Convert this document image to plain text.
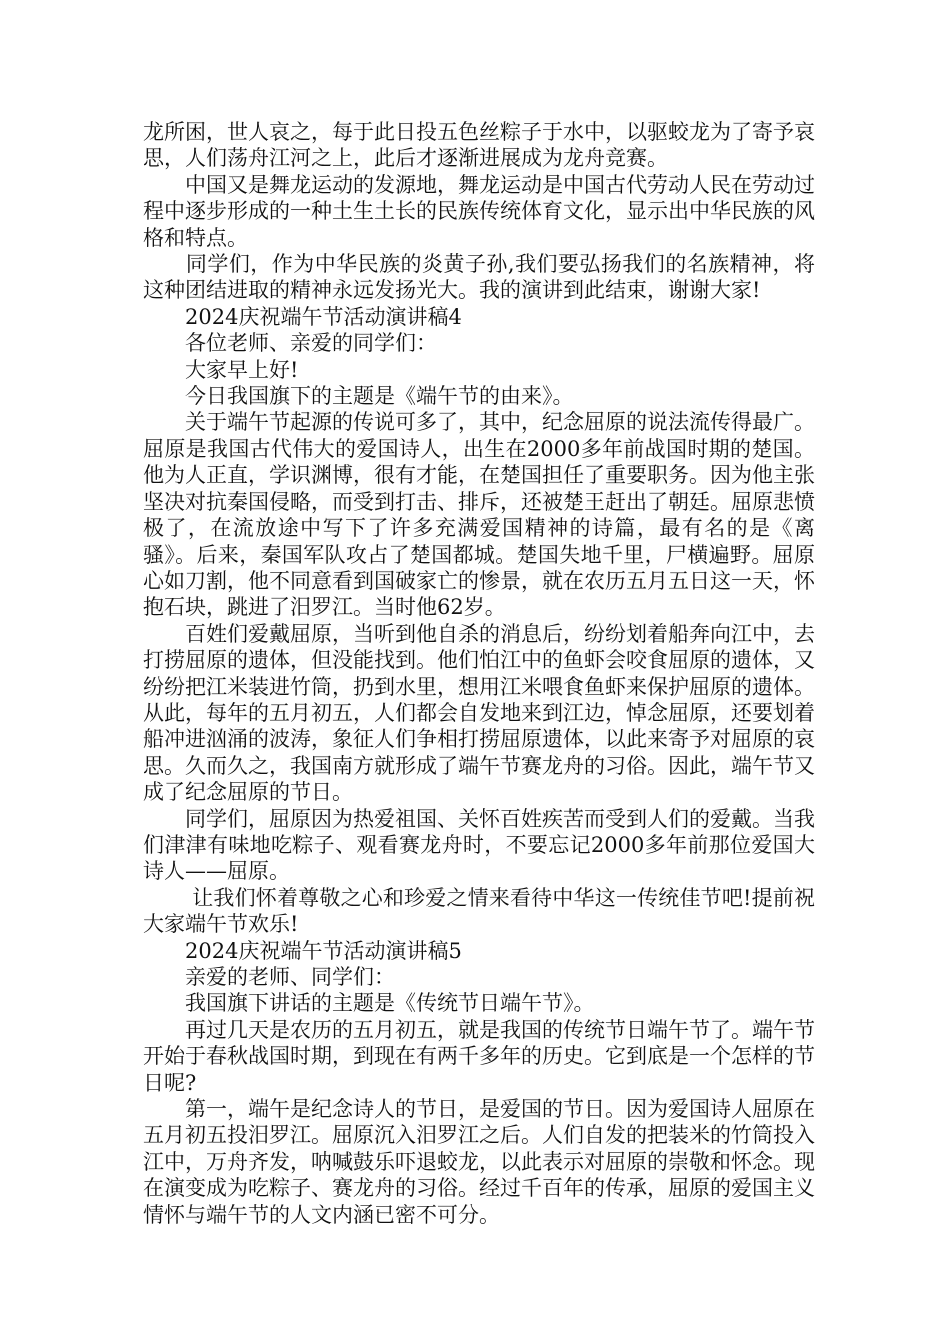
龙所困，世人哀之，每于此日投五色丝粽子于水中，以驱蛟龙为了寄予哀思，人们荡舟江河之上，此后才逐渐进展成为龙舟竞赛。

　　中国又是舞龙运动的发源地，舞龙运动是中国古代劳动人民在劳动过程中逐步形成的一种土生土长的民族传统体育文化，显示出中华民族的风格和特点。

　　同学们，作为中华民族的炎黄子孙,我们要弘扬我们的名族精神，将这种团结进取的精神永远发扬光大。我的演讲到此结束，谢谢大家!

　　2024庆祝端午节活动演讲稿4

　　各位老师、亲爱的同学们：

　　大家早上好!

　　今日我国旗下的主题是《端午节的由来》。

　　关于端午节起源的传说可多了，其中，纪念屈原的说法流传得最广。屈原是我国古代伟大的爱国诗人，出生在2000多年前战国时期的楚国。他为人正直，学识渊博，很有才能，在楚国担任了重要职务。因为他主张坚决对抗秦国侵略，而受到打击、排斥，还被楚王赶出了朝廷。屈原悲愤极了，在流放途中写下了许多充满爱国精神的诗篇，最有名的是《离骚》。后来，秦国军队攻占了楚国都城。楚国失地千里，尸横遍野。屈原心如刀割，他不同意看到国破家亡的惨景，就在农历五月五日这一天，怀抱石块，跳进了汨罗江。当时他62岁。

　　百姓们爱戴屈原，当听到他自杀的消息后，纷纷划着船奔向江中，去打捞屈原的遗体，但没能找到。他们怕江中的鱼虾会咬食屈原的遗体，又纷纷把江米装进竹筒，扔到水里，想用江米喂食鱼虾来保护屈原的遗体。从此，每年的五月初五，人们都会自发地来到江边，悼念屈原，还要划着船冲进汹涌的波涛，象征人们争相打捞屈原遗体，以此来寄予对屈原的哀思。久而久之，我国南方就形成了端午节赛龙舟的习俗。因此，端午节又成了纪念屈原的节日。

　　同学们，屈原因为热爱祖国、关怀百姓疾苦而受到人们的爱戴。当我们津津有味地吃粽子、观看赛龙舟时，不要忘记2000多年前那位爱国大诗人——屈原。

　　 让我们怀着尊敬之心和珍爱之情来看待中华这一传统佳节吧!提前祝大家端午节欢乐!

　　2024庆祝端午节活动演讲稿5

　　亲爱的老师、同学们：

　　我国旗下讲话的主题是《传统节日端午节》。

　　再过几天是农历的五月初五，就是我国的传统节日端午节了。端午节开始于春秋战国时期，到现在有两千多年的历史。它到底是一个怎样的节日呢?

　　第一，端午是纪念诗人的节日，是爱国的节日。因为爱国诗人屈原在五月初五投汨罗江。屈原沉入汨罗江之后。人们自发的把装米的竹筒投入江中，万舟齐发，呐喊鼓乐吓退蛟龙，以此表示对屈原的崇敬和怀念。现在演变成为吃粽子、赛龙舟的习俗。经过千百年的传承，屈原的爱国主义情怀与端午节的人文内涵已密不可分。
